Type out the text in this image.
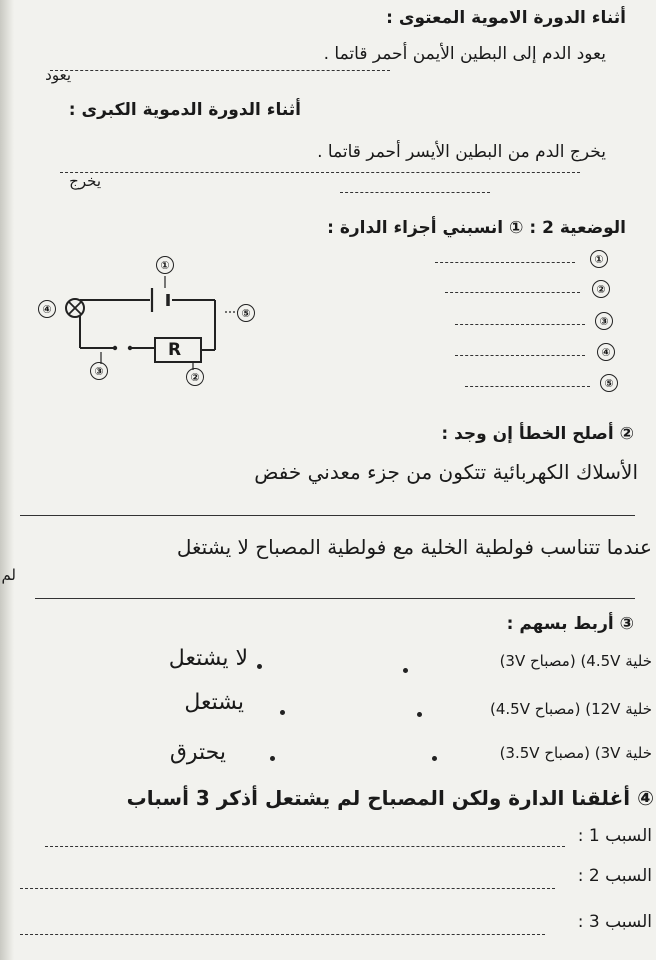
أثناء الدورة الاموية المعتوى :
يعود الدم إلى البطين الأيمن أحمر قاتما .
يعود
أثناء الدورة الدموية الكبرى :
يخرج الدم من البطين الأيسر أحمر قاتما .
يخرج
الوضعية 2 : ① انسبني أجزاء الدارة :
①
②
③
④
⑤
R
①
②
③
④	⑤
② أصلح الخطأ إن وجد :
الأسلاك الكهربائية تتكون من جزء معدني خفض
عندما تتناسب فولطية الخلية مع فولطية المصباح لا يشتغل
لم
③ أربط بسهم :
خلية 4.5V) (مصباح 3V)
لا يشتعل
خلية 12V) (مصباح 4.5V)
يشتعل
خلية 3V) (مصباح 3.5V)
يحترق
④ أغلقنا الدارة ولكن المصباح لم يشتعل أذكر 3 أسباب
السبب 1 :
السبب 2 :
السبب 3 :
